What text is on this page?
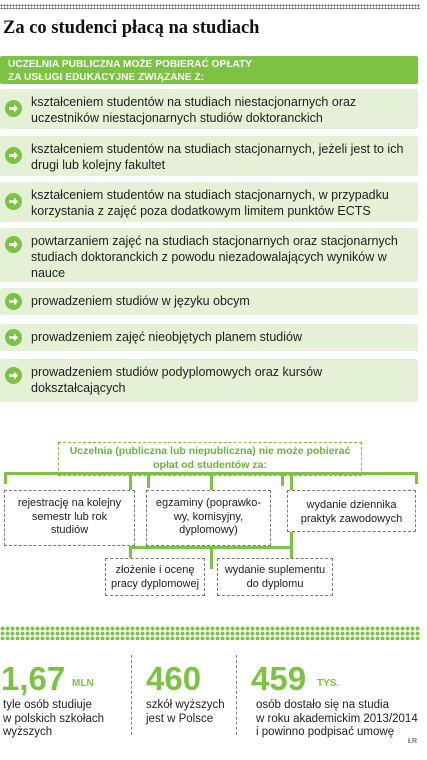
Za co studenci płacą na studiach
UCZELNIA PUBLICZNA MOŻE POBIERAĆ OPŁATY
ZA USŁUGI EDUKACYJNE ZWIĄZANE Z:
kształceniem studentów na studiach niestacjonarnych oraz uczestników niestacjonarnych studiów doktoranckich
kształceniem studentów na studiach stacjonarnych, jeżeli jest to ich drugi lub kolejny fakultet
kształceniem studentów na studiach stacjonarnych, w przypadku korzystania z zajęć poza dodatkowym limitem punktów ECTS
powtarzaniem zajęć na studiach stacjonarnych oraz stacjonarnych studiach doktoranckich z powodu niezadowalających wyników w nauce
prowadzeniem studiów w języku obcym
prowadzeniem zajęć nieobjętych planem studiów
prowadzeniem studiów podyplomowych oraz kursów dokształcających
Uczelnia (publiczna lub niepubliczna) nie może pobierać
opłat od studentów za:
rejestrację na kolejny
semestr lub rok
studiów
egzaminy (poprawko-
wy, komisyjny,
dyplomowy)
wydanie dziennika
praktyk zawodowych
złożenie i ocenę
pracy dyplomowej
wydanie suplementu
do dyplomu
1,67 MLN
tyle osób studiuje
w polskich szkołach
wyższych
460
szkół wyższych
jest w Polsce
459 TYS.
osób dostało się na studia
w roku akademickim 2013/2014
i powinno podpisać umowę
ŁR
